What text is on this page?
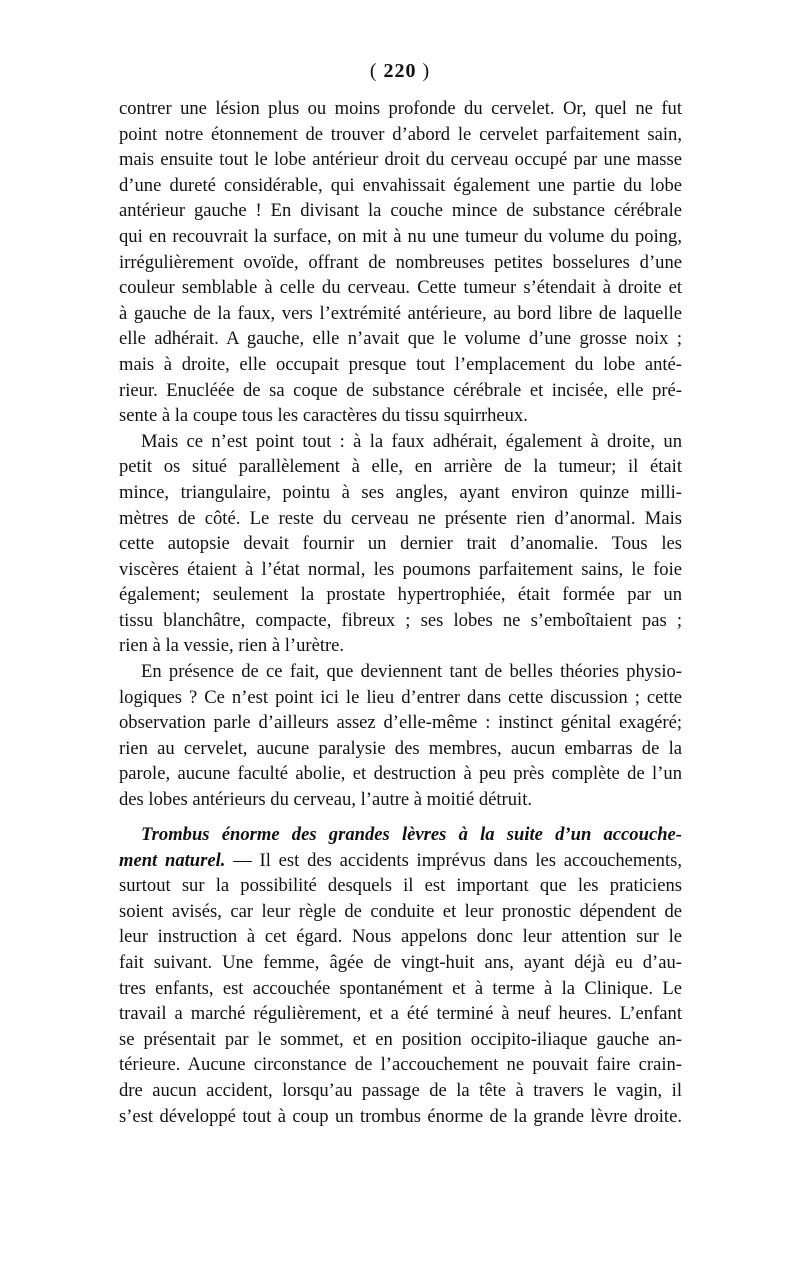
( 220 )

contrer une lésion plus ou moins profonde du cervelet. Or, quel ne fut
point notre étonnement de trouver d’abord le cervelet parfaitement sain,
mais ensuite tout le lobe antérieur droit du cerveau occupé par une masse
d’une dureté considérable, qui envahissait également une partie du lobe
antérieur gauche ! En divisant la couche mince de substance cérébrale
qui en recouvrait la surface, on mit à nu une tumeur du volume du poing,
irrégulièrement ovoïde, offrant de nombreuses petites bosselures d’une
couleur semblable à celle du cerveau. Cette tumeur s’étendait à droite et
à gauche de la faux, vers l’extrémité antérieure, au bord libre de laquelle
elle adhérait. A gauche, elle n’avait que le volume d’une grosse noix ;
mais à droite, elle occupait presque tout l’emplacement du lobe anté-
rieur. Enucléée de sa coque de substance cérébrale et incisée, elle pré-
sente à la coupe tous les caractères du tissu squirrheux.

Mais ce n’est point tout : à la faux adhérait, également à droite, un
petit os situé parallèlement à elle, en arrière de la tumeur; il était
mince, triangulaire, pointu à ses angles, ayant environ quinze milli-
mètres de côté. Le reste du cerveau ne présente rien d’anormal. Mais
cette autopsie devait fournir un dernier trait d’anomalie. Tous les
viscères étaient à l’état normal, les poumons parfaitement sains, le foie
également; seulement la prostate hypertrophiée, était formée par un
tissu blanchâtre, compacte, fibreux ; ses lobes ne s’emboîtaient pas ;
rien à la vessie, rien à l’urètre.

En présence de ce fait, que deviennent tant de belles théories physio-
logiques ? Ce n’est point ici le lieu d’entrer dans cette discussion ; cette
observation parle d’ailleurs assez d’elle-même : instinct génital exagéré;
rien au cervelet, aucune paralysie des membres, aucun embarras de la
parole, aucune faculté abolie, et destruction à peu près complète de l’un
des lobes antérieurs du cerveau, l’autre à moitié détruit.

Trombus énorme des grandes lèvres à la suite d’un accouche-
ment naturel. — Il est des accidents imprévus dans les accouchements,
surtout sur la possibilité desquels il est important que les praticiens
soient avisés, car leur règle de conduite et leur pronostic dépendent de
leur instruction à cet égard. Nous appelons donc leur attention sur le
fait suivant. Une femme, âgée de vingt-huit ans, ayant déjà eu d’au-
tres enfants, est accouchée spontanément et à terme à la Clinique. Le
travail a marché régulièrement, et a été terminé à neuf heures. L’enfant
se présentait par le sommet, et en position occipito-iliaque gauche an-
térieure. Aucune circonstance de l’accouchement ne pouvait faire crain-
dre aucun accident, lorsqu’au passage de la tête à travers le vagin, il
s’est développé tout à coup un trombus énorme de la grande lèvre droite.
